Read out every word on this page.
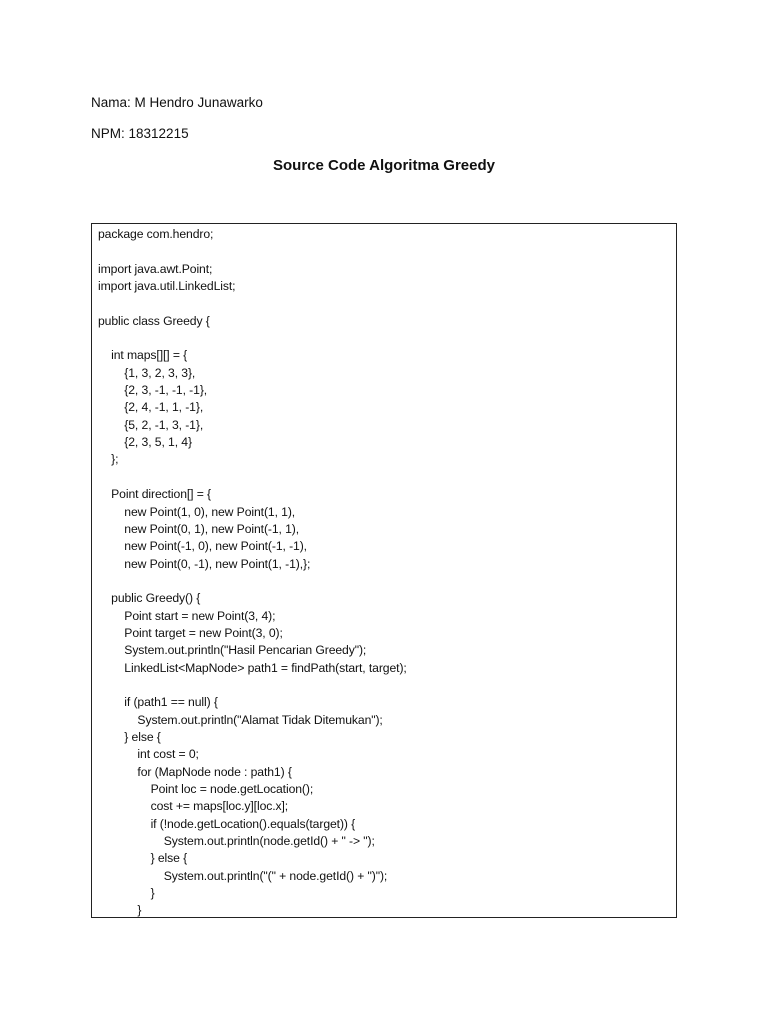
Nama: M Hendro Junawarko
NPM: 18312215
Source Code Algoritma Greedy
package com.hendro;
import java.awt.Point;
import java.util.LinkedList;
public class Greedy {
int maps[][] = {
{1, 3, 2, 3, 3},
{2, 3, -1, -1, -1},
{2, 4, -1, 1, -1},
{5, 2, -1, 3, -1},
{2, 3, 5, 1, 4}
};
Point direction[] = {
new Point(1, 0), new Point(1, 1),
new Point(0, 1), new Point(-1, 1),
new Point(-1, 0), new Point(-1, -1),
new Point(0, -1), new Point(1, -1),};
public Greedy() {
Point start = new Point(3, 4);
Point target = new Point(3, 0);
System.out.println("Hasil Pencarian Greedy");
LinkedList<MapNode> path1 = findPath(start, target);
if (path1 == null) {
System.out.println("Alamat Tidak Ditemukan");
} else {
int cost = 0;
for (MapNode node : path1) {
Point loc = node.getLocation();
cost += maps[loc.y][loc.x];
if (!node.getLocation().equals(target)) {
System.out.println(node.getId() + " -> ");
} else {
System.out.println("(" + node.getId() + ")");
}
}
